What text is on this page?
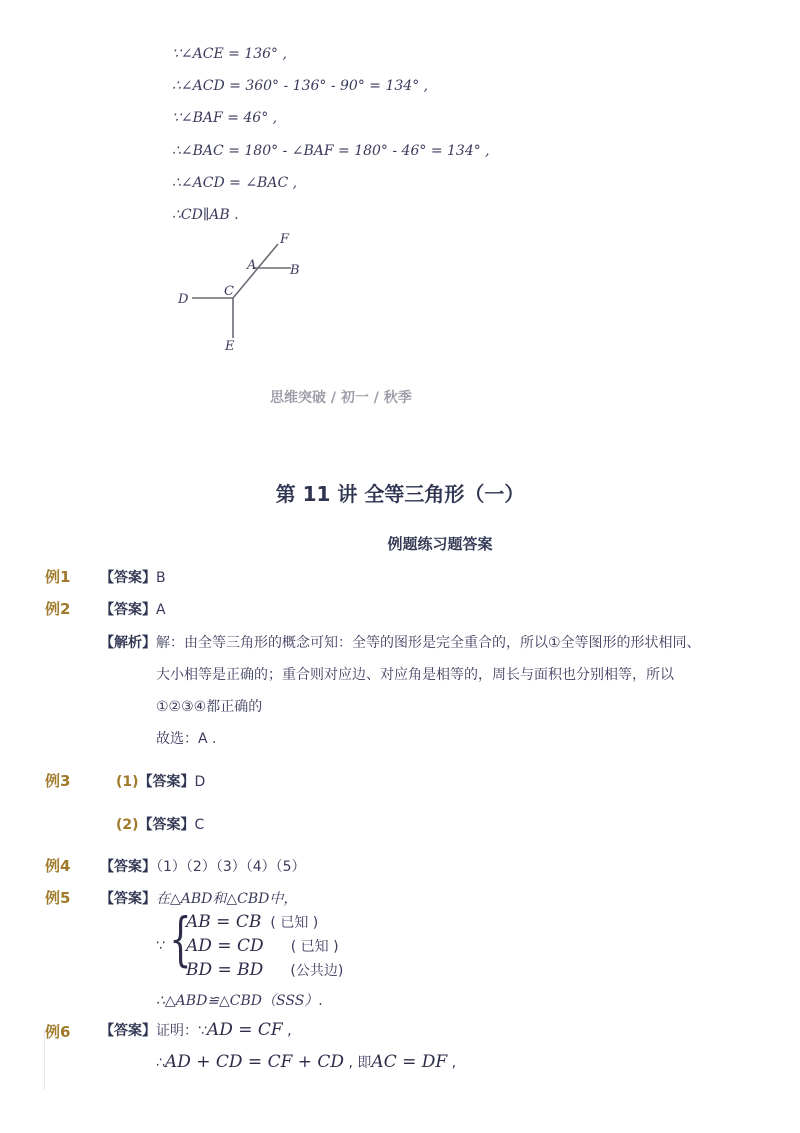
∵∠ACE = 136° ,
∴∠ACD = 360° - 136° - 90° = 134° ,
∵∠BAF = 46° ,
∴∠BAC = 180° - ∠BAF = 180° - 46° = 134° ,
∴∠ACD = ∠BAC ,
∴CD∥AB .
F
A	B
D
C
E
思维突破 / 初一 / 秋季
第 11 讲 全等三角形（一）
例题练习题答案
例1 【答案】B
例2 【答案】A
【解析】解：由全等三角形的概念可知：全等的图形是完全重合的，所以①全等图形的形状相同、
大小相等是正确的；重合则对应边、对应角是相等的，周长与面积也分别相等，所以
①②③④都正确的
故选：A .
例3	(1)【答案】D
(2)【答案】C
例4 【答案】（1）（2）（3）（4）（5）
例5 【答案】在△ABD和△CBD中，
∵ {
AB = CB ( 已知 )
AD = CD ( 已知 )
BD = BD (公共边)
∴△ABD≌△CBD（SSS）.
例6 【答案】证明：∵AD = CF ,
∴AD + CD = CF + CD , 即AC = DF ,
